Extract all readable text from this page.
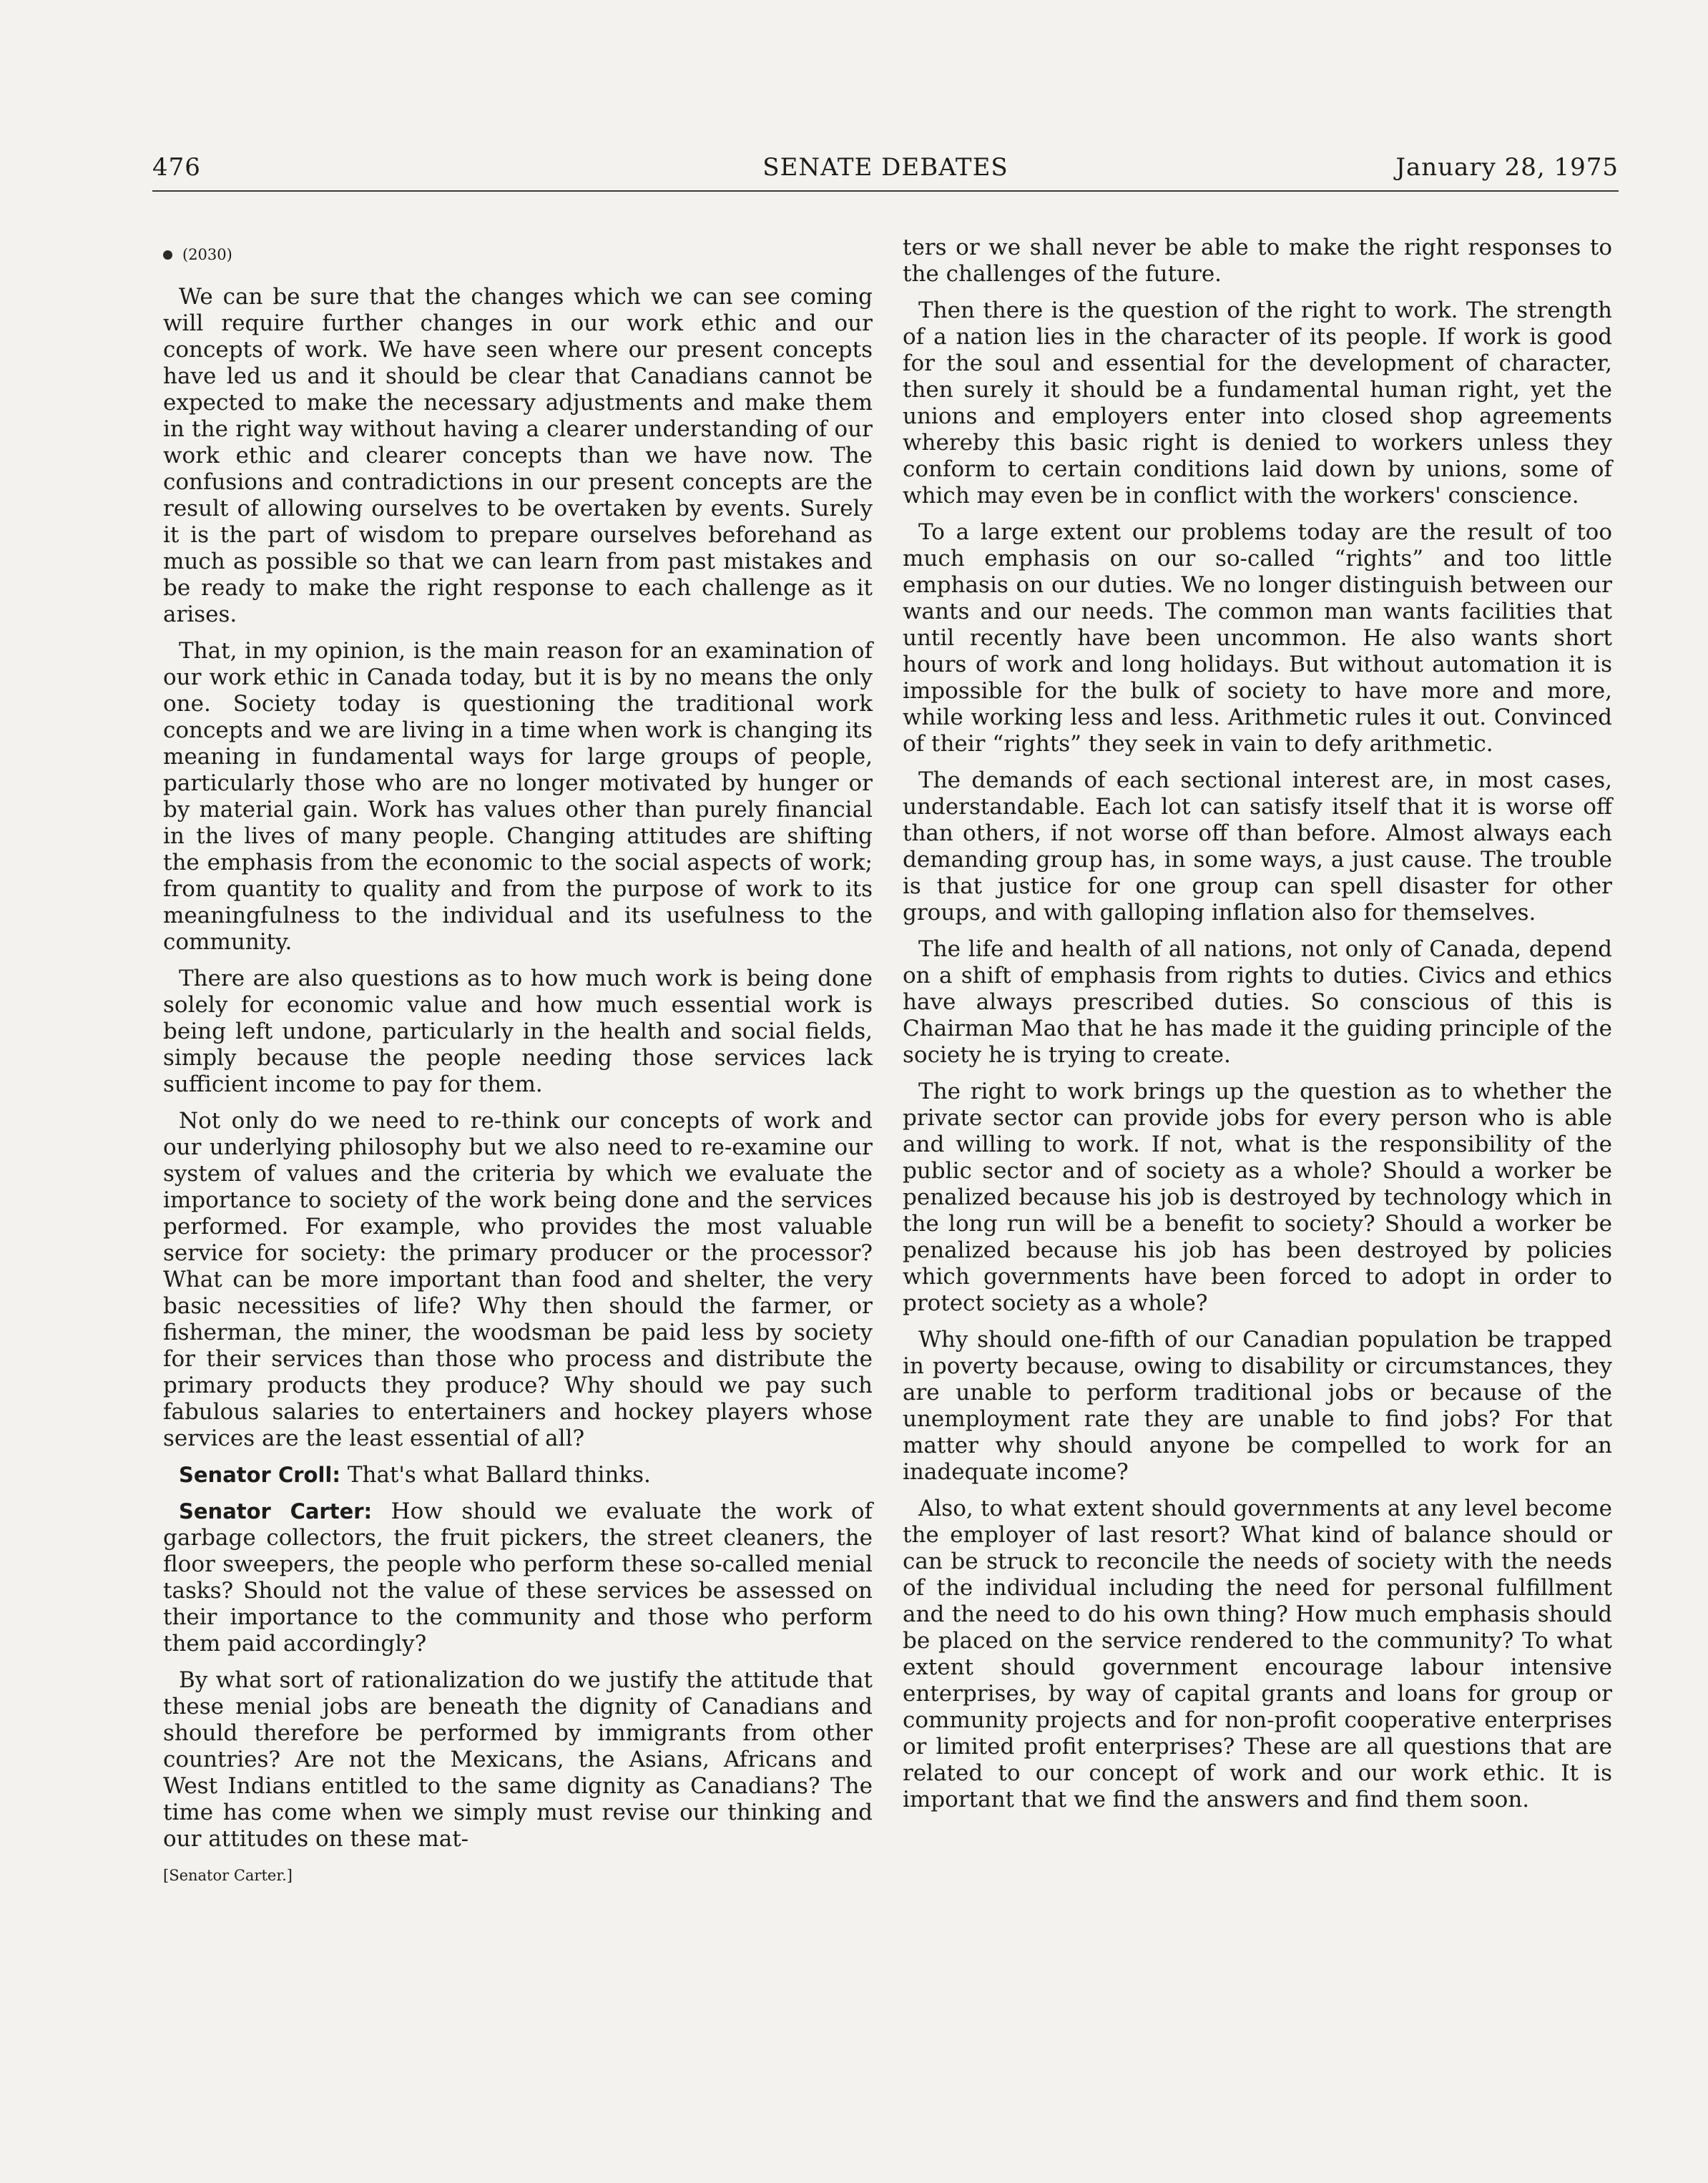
476	SENATE DEBATES	January 28, 1975
(2030)

We can be sure that the changes which we can see coming will require further changes in our work ethic and our concepts of work. We have seen where our present concepts have led us and it should be clear that Canadians cannot be expected to make the necessary adjustments and make them in the right way without having a clearer understanding of our work ethic and clearer concepts than we have now. The confusions and contradictions in our present concepts are the result of allowing ourselves to be overtaken by events. Surely it is the part of wisdom to prepare ourselves beforehand as much as possible so that we can learn from past mistakes and be ready to make the right response to each challenge as it arises.

That, in my opinion, is the main reason for an examination of our work ethic in Canada today, but it is by no means the only one. Society today is questioning the traditional work concepts and we are living in a time when work is changing its meaning in fundamental ways for large groups of people, particularly those who are no longer motivated by hunger or by material gain. Work has values other than purely financial in the lives of many people. Changing attitudes are shifting the emphasis from the economic to the social aspects of work; from quantity to quality and from the purpose of work to its meaningfulness to the individual and its usefulness to the community.

There are also questions as to how much work is being done solely for economic value and how much essential work is being left undone, particularly in the health and social fields, simply because the people needing those services lack sufficient income to pay for them.

Not only do we need to re-think our concepts of work and our underlying philosophy but we also need to re-examine our system of values and the criteria by which we evaluate the importance to society of the work being done and the services performed. For example, who provides the most valuable service for society: the primary producer or the processor? What can be more important than food and shelter, the very basic necessities of life? Why then should the farmer, or fisherman, the miner, the woodsman be paid less by society for their services than those who process and distribute the primary products they produce? Why should we pay such fabulous salaries to entertainers and hockey players whose services are the least essential of all?

Senator Croll: That's what Ballard thinks.

Senator Carter: How should we evaluate the work of garbage collectors, the fruit pickers, the street cleaners, the floor sweepers, the people who perform these so-called menial tasks? Should not the value of these services be assessed on their importance to the community and those who perform them paid accordingly?

By what sort of rationalization do we justify the attitude that these menial jobs are beneath the dignity of Canadians and should therefore be performed by immigrants from other countries? Are not the Mexicans, the Asians, Africans and West Indians entitled to the same dignity as Canadians? The time has come when we simply must revise our thinking and our attitudes on these mat-

[Senator Carter.]

ters or we shall never be able to make the right responses to the challenges of the future.

Then there is the question of the right to work. The strength of a nation lies in the character of its people. If work is good for the soul and essential for the development of character, then surely it should be a fundamental human right, yet the unions and employers enter into closed shop agreements whereby this basic right is denied to workers unless they conform to certain conditions laid down by unions, some of which may even be in conflict with the workers' conscience.

To a large extent our problems today are the result of too much emphasis on our so-called “rights” and too little emphasis on our duties. We no longer distinguish between our wants and our needs. The common man wants facilities that until recently have been uncommon. He also wants short hours of work and long holidays. But without automation it is impossible for the bulk of society to have more and more, while working less and less. Arithmetic rules it out. Convinced of their “rights” they seek in vain to defy arithmetic.

The demands of each sectional interest are, in most cases, understandable. Each lot can satisfy itself that it is worse off than others, if not worse off than before. Almost always each demanding group has, in some ways, a just cause. The trouble is that justice for one group can spell disaster for other groups, and with galloping inflation also for themselves.

The life and health of all nations, not only of Canada, depend on a shift of emphasis from rights to duties. Civics and ethics have always prescribed duties. So conscious of this is Chairman Mao that he has made it the guiding principle of the society he is trying to create.

The right to work brings up the question as to whether the private sector can provide jobs for every person who is able and willing to work. If not, what is the responsibility of the public sector and of society as a whole? Should a worker be penalized because his job is destroyed by technology which in the long run will be a benefit to society? Should a worker be penalized because his job has been destroyed by policies which governments have been forced to adopt in order to protect society as a whole?

Why should one-fifth of our Canadian population be trapped in poverty because, owing to disability or circumstances, they are unable to perform traditional jobs or because of the unemployment rate they are unable to find jobs? For that matter why should anyone be compelled to work for an inadequate income?

Also, to what extent should governments at any level become the employer of last resort? What kind of balance should or can be struck to reconcile the needs of society with the needs of the individual including the need for personal fulfillment and the need to do his own thing? How much emphasis should be placed on the service rendered to the community? To what extent should government encourage labour intensive enterprises, by way of capital grants and loans for group or community projects and for non-profit cooperative enterprises or limited profit enterprises? These are all questions that are related to our concept of work and our work ethic. It is important that we find the answers and find them soon.
